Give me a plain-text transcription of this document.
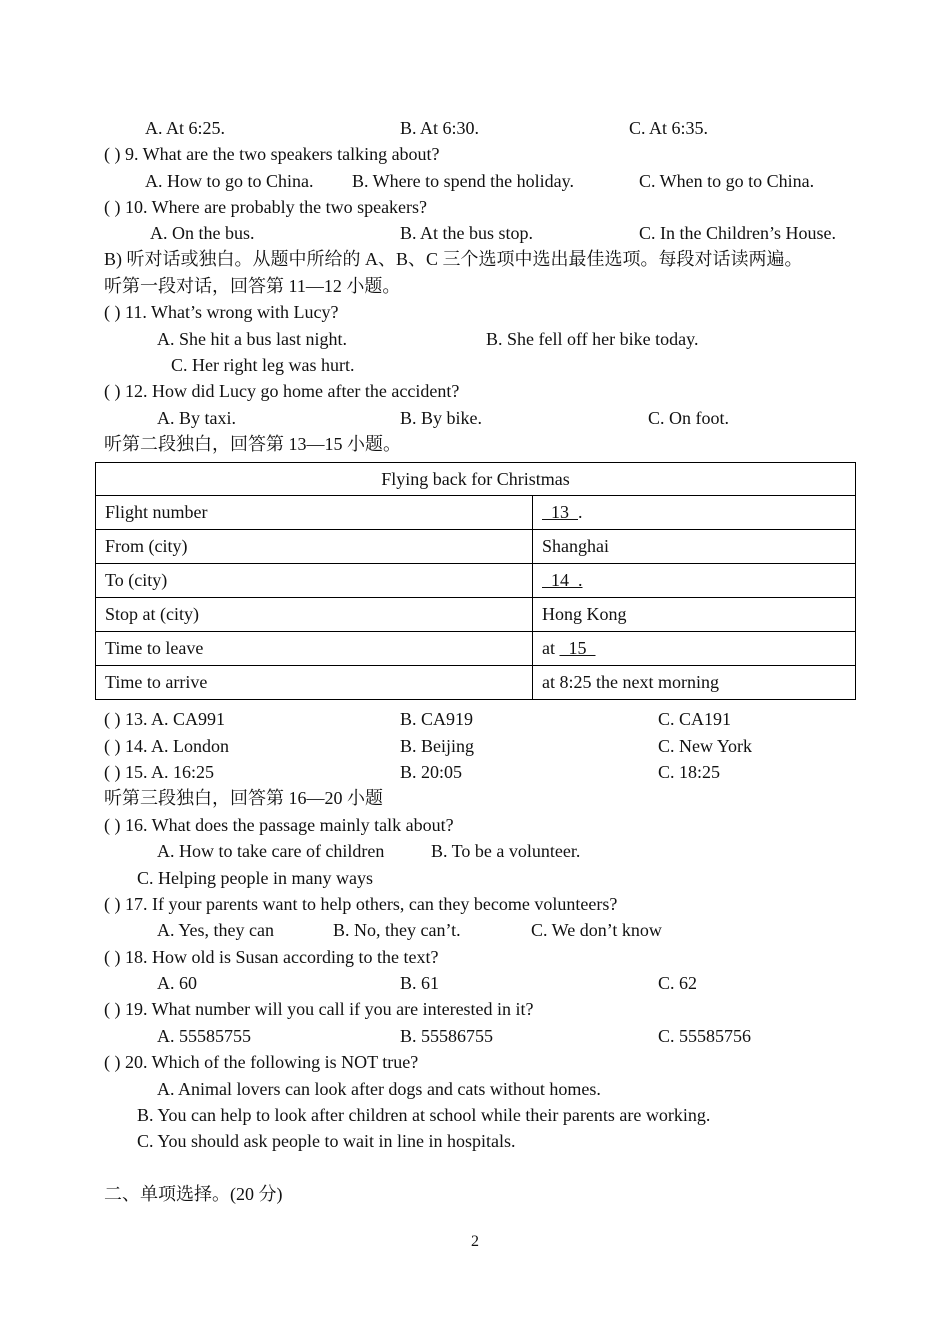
A. At 6:25.	B. At 6:30.	C. At 6:35.
( ) 9. What are the two speakers talking about?
A. How to go to China. B. Where to spend the holiday.	C. When to go to China.
( ) 10. Where are probably the two speakers?
A. On the bus.	B. At the bus stop.	C. In the Children’s House.
B) 听对话或独白。从题中所给的 A、B、C 三个选项中选出最佳选项。每段对话读两遍。
听第一段对话，回答第 11—12 小题。
( ) 11. What’s wrong with Lucy?
A. She hit a bus last night.	B. She fell off her bike today.
C. Her right leg was hurt.
( ) 12. How did Lucy go home after the accident?
A. By taxi.	B. By bike.	C. On foot.
听第二段独白，回答第 13—15 小题。
Flying back for Christmas	
Flight number	13  .
From (city)	Shanghai
To (city)	14  .
Stop at (city)	Hong Kong
Time to leave	at   15
Time to arrive	at 8:25 the next morning
( ) 13. A. CA991	B. CA919	C. CA191
( ) 14. A. London	B. Beijing	C. New York
( ) 15. A. 16:25	B. 20:05	C. 18:25
听第三段独白，回答第 16—20 小题
( ) 16. What does the passage mainly talk about?
A. How to take care of children	B. To be a volunteer.
C. Helping people in many ways
( ) 17. If your parents want to help others, can they become volunteers?
A. Yes, they can	B. No, they can’t.	C. We don’t know
( ) 18. How old is Susan according to the text?
A. 60	B. 61	C. 62
( ) 19. What number will you call if you are interested in it?
A. 55585755	B. 55586755	C. 55585756
( ) 20. Which of the following is NOT true?
A. Animal lovers can look after dogs and cats without homes.
B. You can help to look after children at school while their parents are working.
C. You should ask people to wait in line in hospitals.
二、单项选择。(20 分)
2
